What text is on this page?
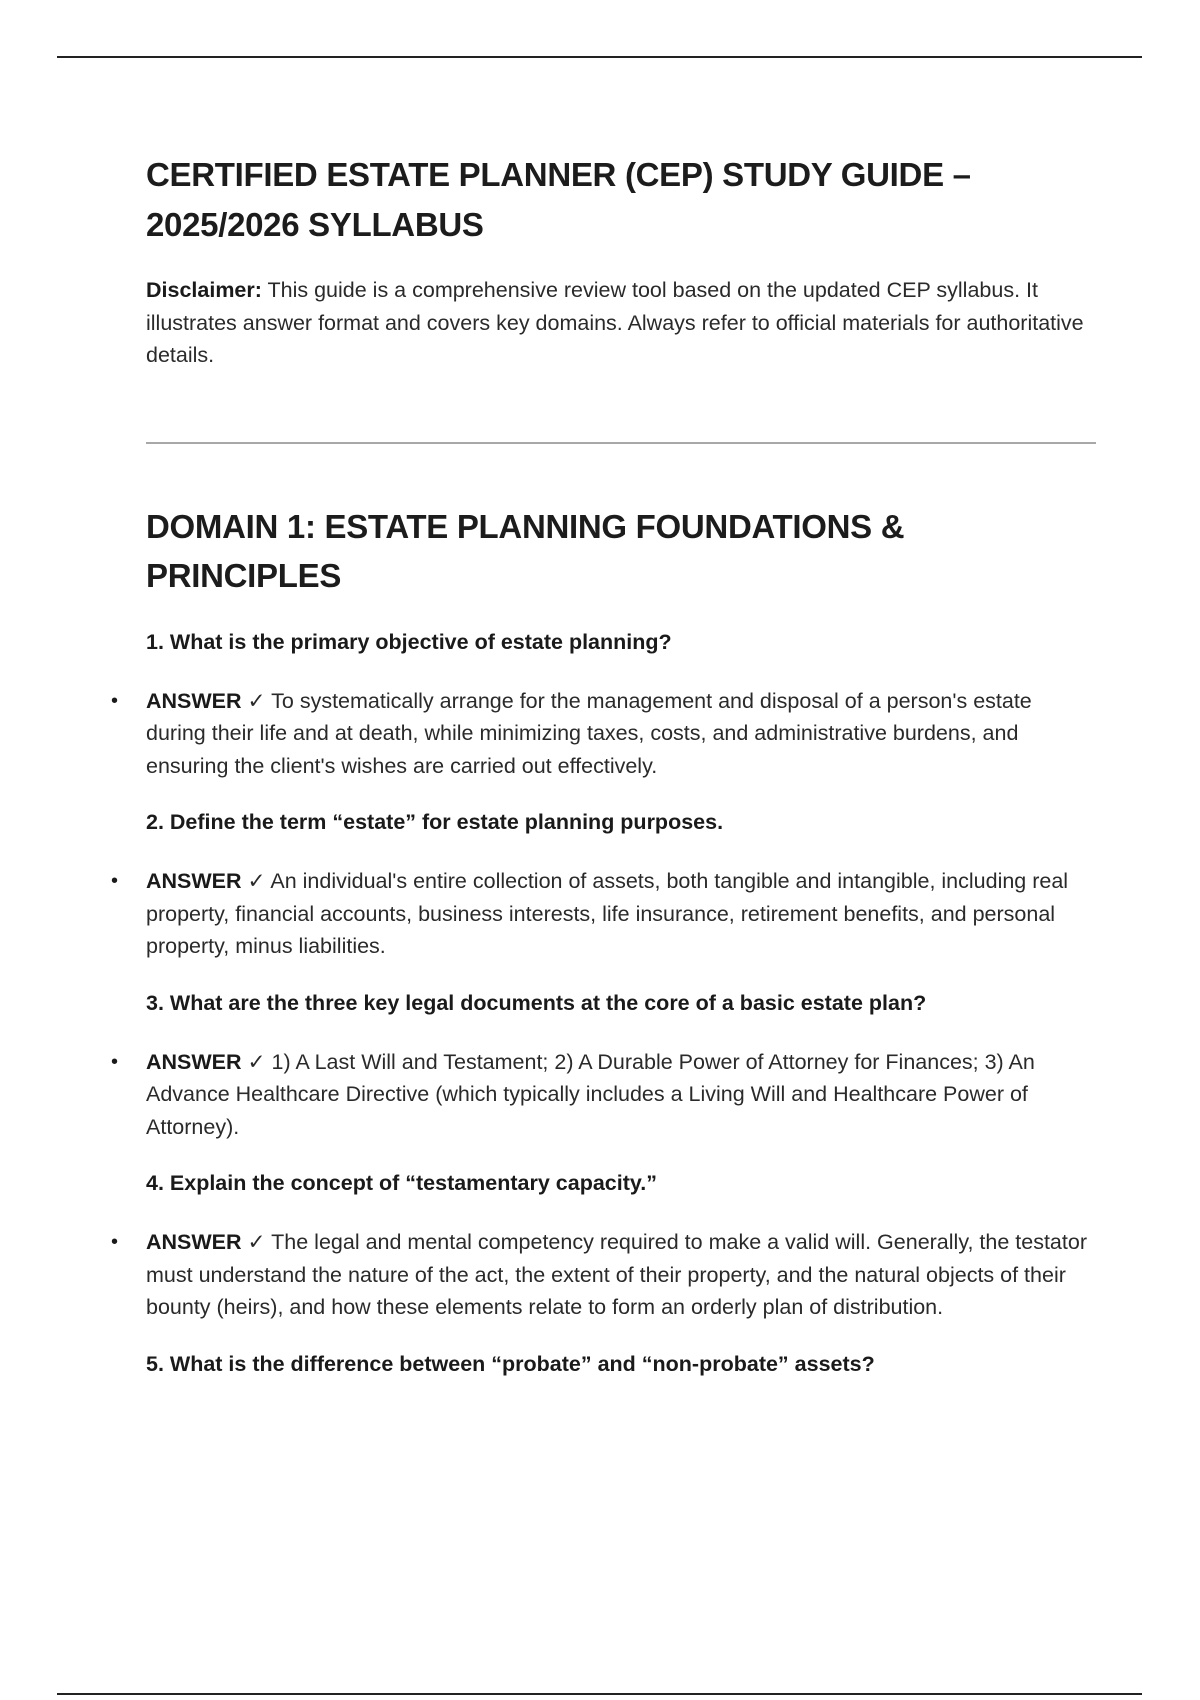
CERTIFIED ESTATE PLANNER (CEP) STUDY GUIDE – 2025/2026 SYLLABUS

Disclaimer: This guide is a comprehensive review tool based on the updated CEP syllabus. It illustrates answer format and covers key domains. Always refer to official materials for authoritative details.

DOMAIN 1: ESTATE PLANNING FOUNDATIONS & PRINCIPLES

1. What is the primary objective of estate planning?

• ANSWER ✓ To systematically arrange for the management and disposal of a person's estate during their life and at death, while minimizing taxes, costs, and administrative burdens, and ensuring the client's wishes are carried out effectively.

2. Define the term “estate” for estate planning purposes.

• ANSWER ✓ An individual's entire collection of assets, both tangible and intangible, including real property, financial accounts, business interests, life insurance, retirement benefits, and personal property, minus liabilities.

3. What are the three key legal documents at the core of a basic estate plan?

• ANSWER ✓ 1) A Last Will and Testament; 2) A Durable Power of Attorney for Finances; 3) An Advance Healthcare Directive (which typically includes a Living Will and Healthcare Power of Attorney).

4. Explain the concept of “testamentary capacity.”

• ANSWER ✓ The legal and mental competency required to make a valid will. Generally, the testator must understand the nature of the act, the extent of their property, and the natural objects of their bounty (heirs), and how these elements relate to form an orderly plan of distribution.

5. What is the difference between “probate” and “non-probate” assets?
